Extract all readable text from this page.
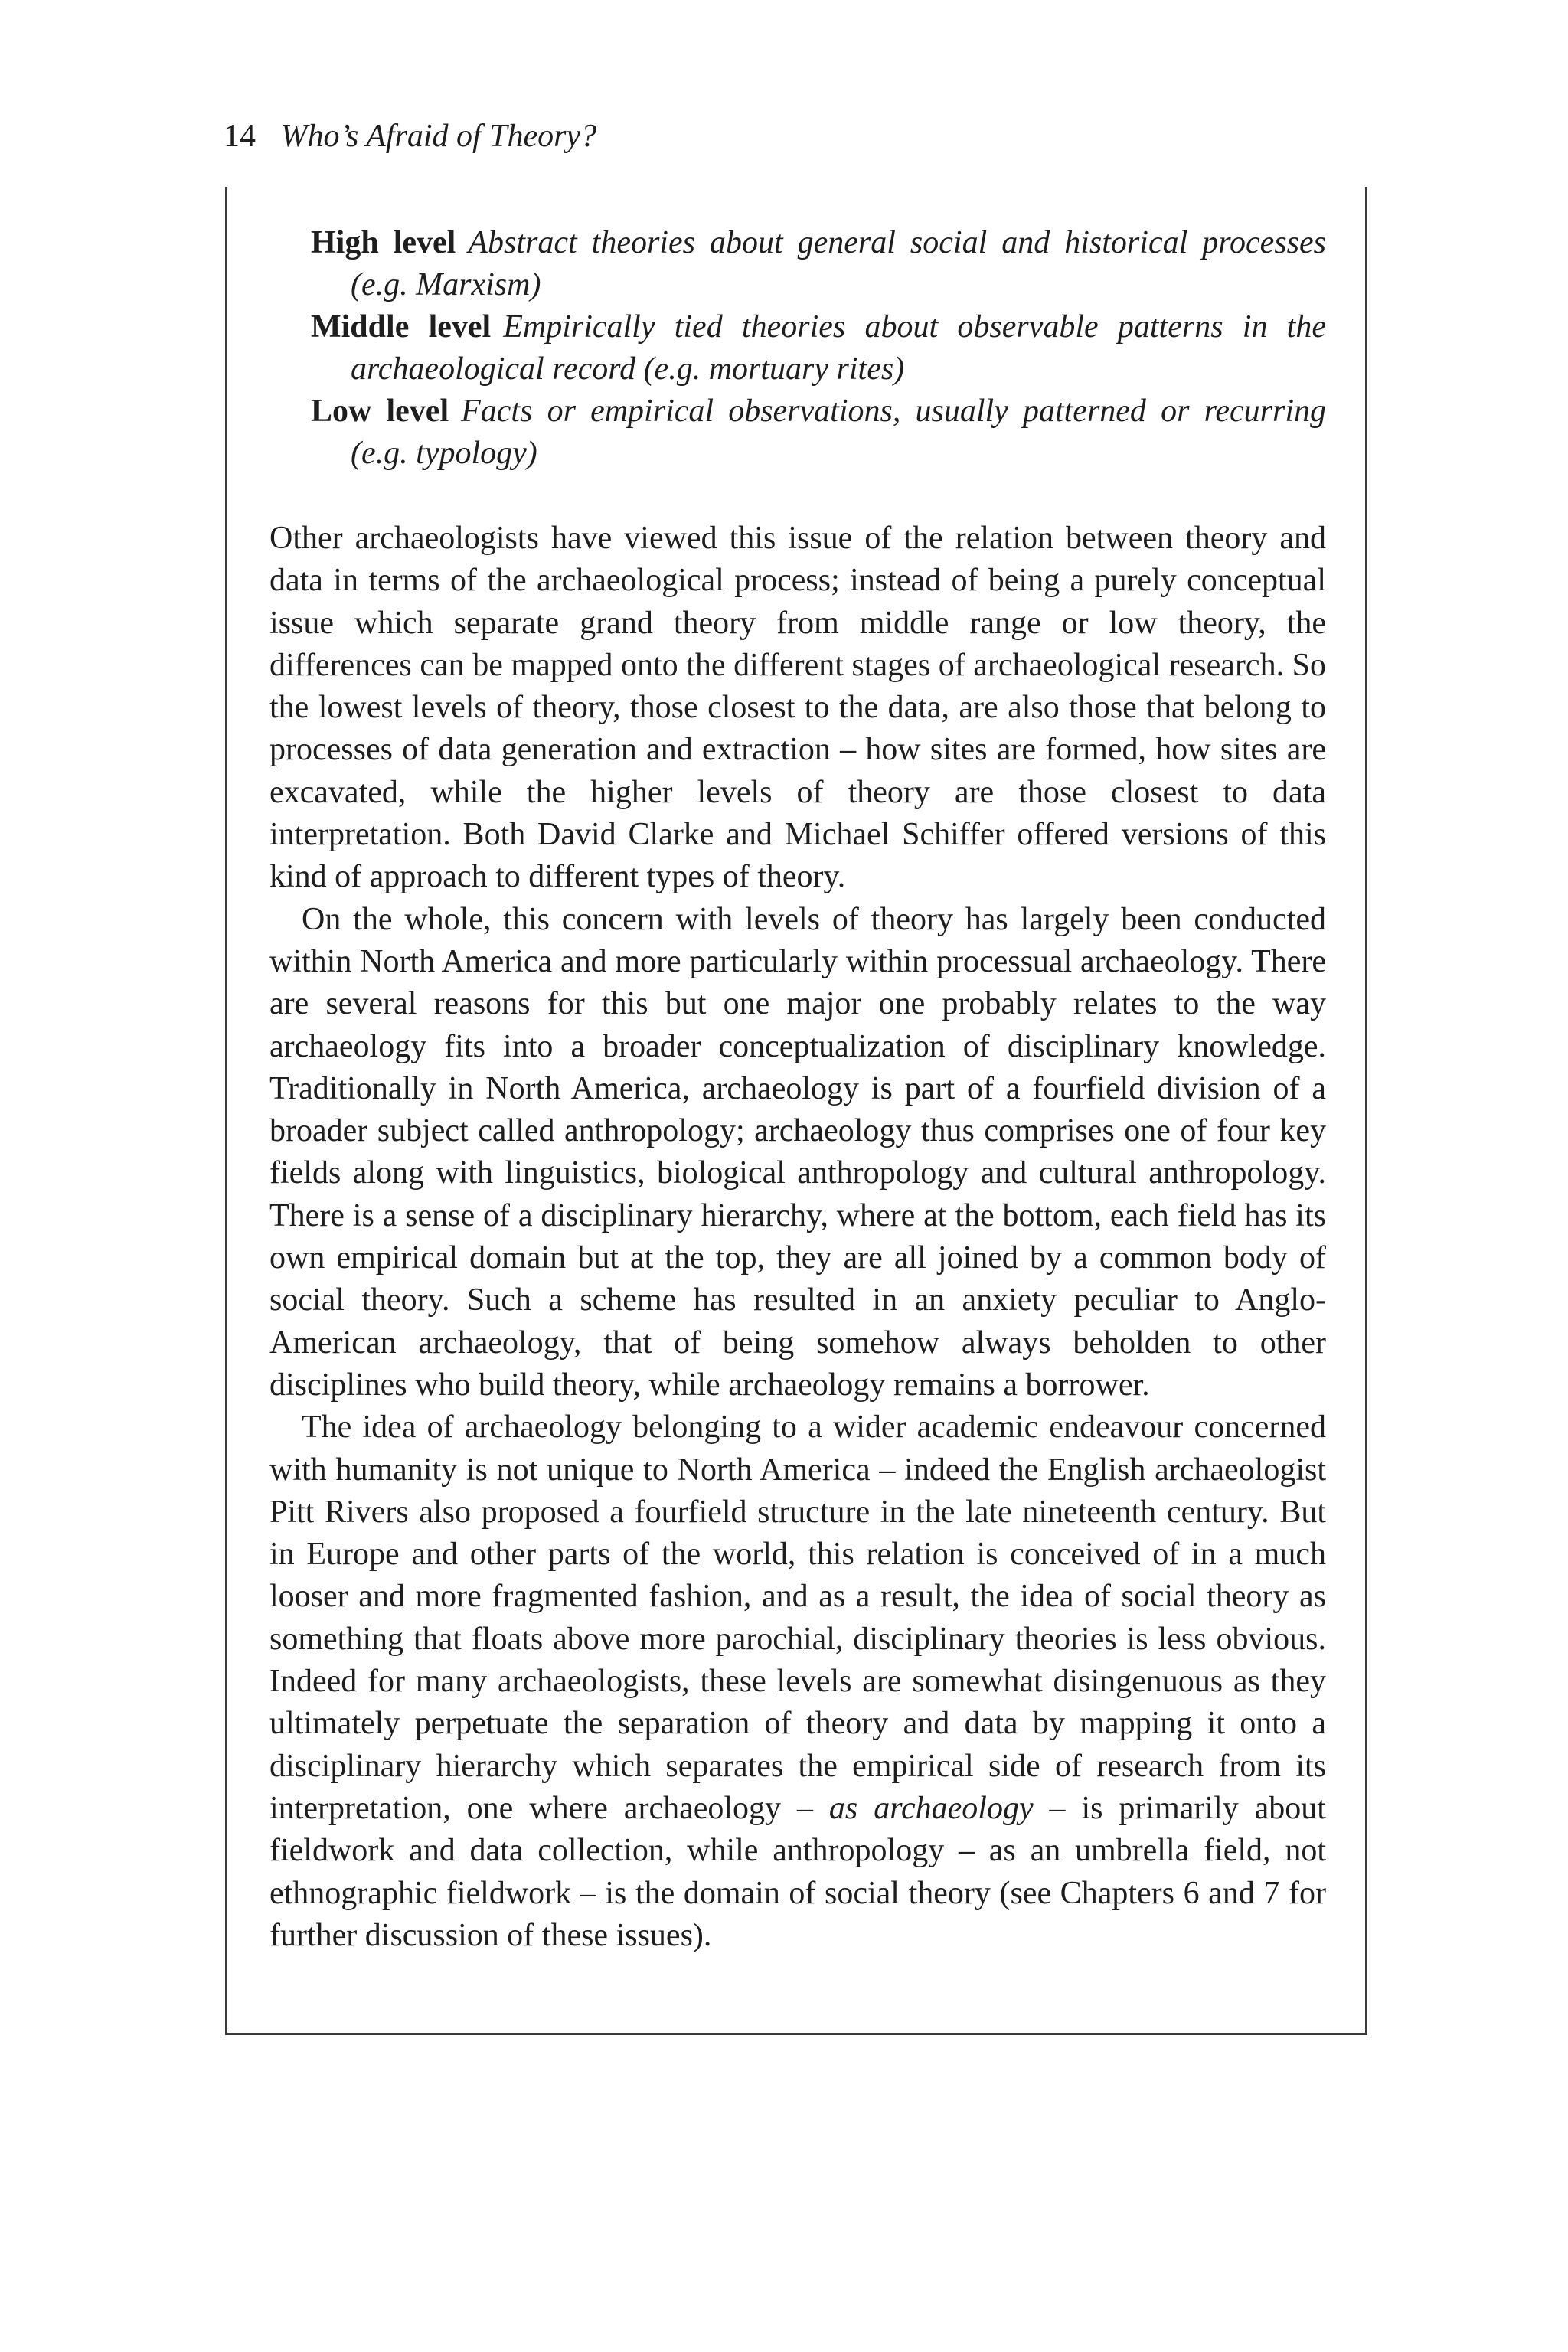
14 Who’s Afraid of Theory?

High level Abstract theories about general social and historical processes (e.g. Marxism)

Middle level Empirically tied theories about observable patterns in the archaeological record (e.g. mortuary rites)

Low level Facts or empirical observations, usually patterned or recurring (e.g. typology)

Other archaeologists have viewed this issue of the relation between theory and data in terms of the archaeological process; instead of being a purely conceptual issue which separate grand theory from middle range or low theory, the differences can be mapped onto the different stages of archaeological research. So the lowest levels of theory, those closest to the data, are also those that belong to processes of data generation and extraction – how sites are formed, how sites are excavated, while the higher levels of theory are those closest to data interpretation. Both David Clarke and Michael Schiffer offered versions of this kind of approach to different types of theory.

On the whole, this concern with levels of theory has largely been conducted within North America and more particularly within processual archaeology. There are several reasons for this but one major one probably relates to the way archaeology fits into a broader conceptualization of disciplinary knowledge. Traditionally in North America, archaeology is part of a fourfield division of a broader subject called anthropology; archaeology thus comprises one of four key fields along with linguistics, biological anthropology and cultural anthropology. There is a sense of a disciplinary hierarchy, where at the bottom, each field has its own empirical domain but at the top, they are all joined by a common body of social theory. Such a scheme has resulted in an anxiety peculiar to Anglo-American archaeology, that of being somehow always beholden to other disciplines who build theory, while archaeology remains a borrower.

The idea of archaeology belonging to a wider academic endeavour concerned with humanity is not unique to North America – indeed the English archaeologist Pitt Rivers also proposed a fourfield structure in the late nineteenth century. But in Europe and other parts of the world, this relation is conceived of in a much looser and more fragmented fashion, and as a result, the idea of social theory as something that floats above more parochial, disciplinary theories is less obvious. Indeed for many archaeologists, these levels are somewhat disingenuous as they ultimately perpetuate the separation of theory and data by mapping it onto a disciplinary hierarchy which separates the empirical side of research from its interpretation, one where archaeology – as archaeology – is primarily about fieldwork and data collection, while anthropology – as an umbrella field, not ethnographic fieldwork – is the domain of social theory (see Chapters 6 and 7 for further discussion of these issues).
